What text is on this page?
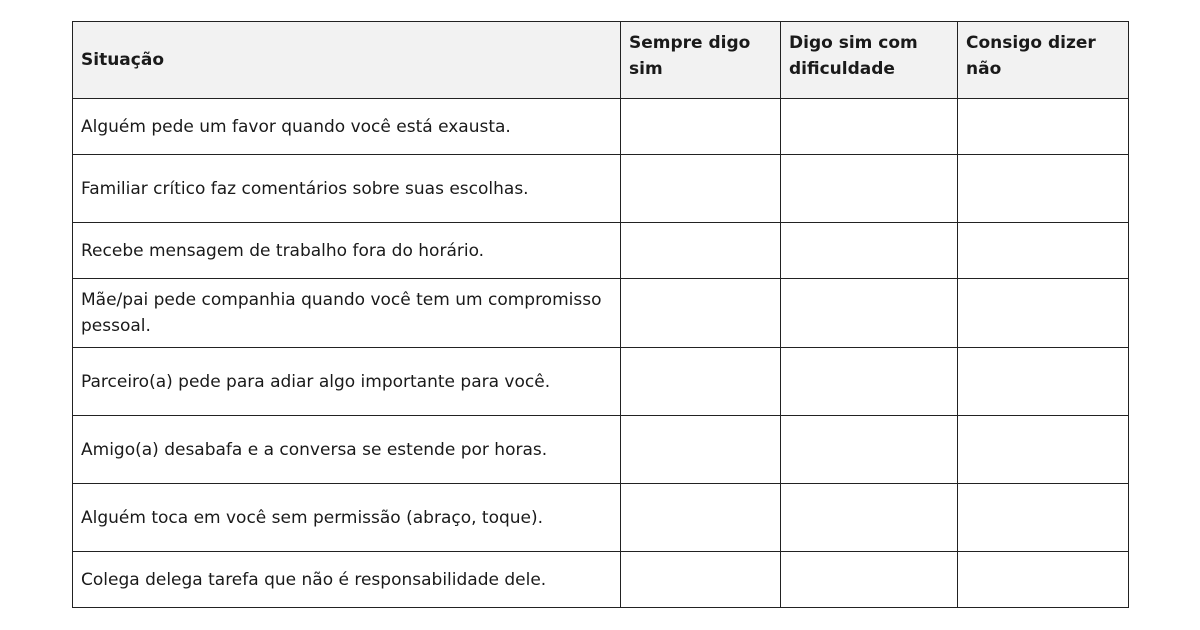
Situação	Sempre digo sim	Digo sim com dificuldade	Consigo dizer não
Alguém pede um favor quando você está exausta.			
Familiar crítico faz comentários sobre suas escolhas.			
Recebe mensagem de trabalho fora do horário.			
Mãe/pai pede companhia quando você tem um compromisso pessoal.			
Parceiro(a) pede para adiar algo importante para você.			
Amigo(a) desabafa e a conversa se estende por horas.			
Alguém toca em você sem permissão (abraço, toque).			
Colega delega tarefa que não é responsabilidade dele.			
